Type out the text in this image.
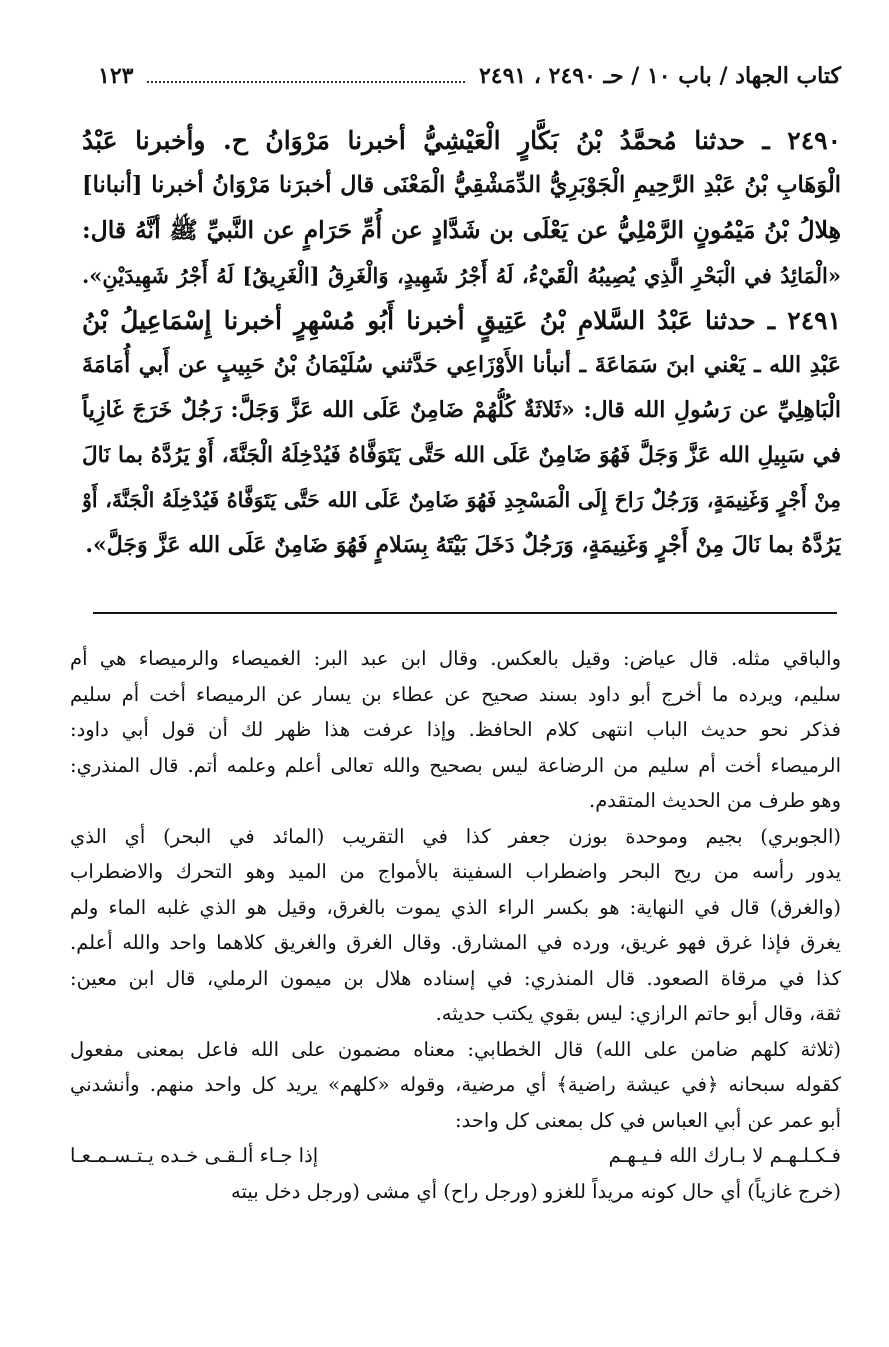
كتاب الجهاد / باب ١٠ / حـ ٢٤٩٠ ، ٢٤٩١
١٢٣
٢٤٩٠ ـ حدثنا مُحمَّدُ بْنُ بَكَّارٍ الْعَيْشِيُّ أخبرنا مَرْوَانُ ح. وأخبرنا عَبْدُ
الْوَهَابِ بْنُ عَبْدِ الرَّحِيمِ الْجَوْبَرِيُّ الدِّمَشْقِيُّ الْمَعْنَى قال أخبرَنا مَرْوَانُ أخبرنا [أنبانا]
هِلالُ بْنُ مَيْمُونٍ الرَّمْلِيُّ عن يَعْلَى بن شَدَّادٍ عن أُمِّ حَرَامٍ عن النَّبيِّ ﷺ أنَّهُ قال:
«الْمَائِدُ في الْبَحْرِ الَّذِي يُصِيبُهُ الْقَيْءُ، لَهُ أَجْرُ شَهِيدٍ، وَالْغَرِقُ [الْغَرِيقُ] لَهُ أَجْرُ شَهِيدَيْنِ».
٢٤٩١ ـ حدثنا عَبْدُ السَّلامِ بْنُ عَتِيقٍ أخبرنا أَبُو مُسْهِرٍ أخبرنا إِسْمَاعِيلُ بْنُ
عَبْدِ الله ـ يَعْني ابنَ سَمَاعَةَ ـ أنبأنا الأَوْزَاعِي حَدَّثني سُلَيْمَانُ بْنُ حَبِيبٍ عن أَبي أُمَامَةَ
الْبَاهِلِيِّ عن رَسُولِ الله قال: «ثَلاثَةٌ كُلُّهُمْ ضَامِنٌ عَلَى الله عَزَّ وَجَلَّ: رَجُلٌ خَرَجَ غَازِياً
في سَبِيلِ الله عَزَّ وَجَلَّ فَهُوَ ضَامِنٌ عَلَى الله حَتَّى يَتَوَفَّاهُ فَيُدْخِلَهُ الْجَنَّةَ، أَوْ يَرُدَّهُ بما نَالَ
مِنْ أَجْرٍ وَغَنِيمَةٍ، وَرَجُلٌ رَاحَ إِلَى الْمَسْجِدِ فَهُوَ ضَامِنٌ عَلَى الله حَتَّى يَتَوَفَّاهُ فَيُدْخِلَهُ الْجَنَّةَ، أَوْ
يَرُدَّهُ بما نَالَ مِنْ أَجْرٍ وَغَنِيمَةٍ، وَرَجُلٌ دَخَلَ بَيْتَهُ بِسَلامٍ فَهُوَ ضَامِنٌ عَلَى الله عَزَّ وَجَلَّ».
والباقي مثله. قال عياض: وقيل بالعكس. وقال ابن عبد البر: الغميصاء والرميصاء هي أم
سليم، ويرده ما أخرج أبو داود بسند صحيح عن عطاء بن يسار عن الرميصاء أخت أم سليم
فذكر نحو حديث الباب انتهى كلام الحافظ. وإذا عرفت هذا ظهر لك أن قول أبي داود:
الرميصاء أخت أم سليم من الرضاعة ليس بصحيح والله تعالى أعلم وعلمه أتم. قال المنذري:
وهو طرف من الحديث المتقدم.
(الجوبري) بجيم وموحدة بوزن جعفر كذا في التقريب (المائد في البحر) أي الذي
يدور رأسه من ريح البحر واضطراب السفينة بالأمواج من الميد وهو التحرك والاضطراب
(والغرق) قال في النهاية: هو بكسر الراء الذي يموت بالغرق، وقيل هو الذي غلبه الماء ولم
يغرق فإذا غرق فهو غريق، ورده في المشارق. وقال الغرق والغريق كلاهما واحد والله أعلم.
كذا في مرقاة الصعود. قال المنذري: في إسناده هلال بن ميمون الرملي، قال ابن معين:
ثقة، وقال أبو حاتم الرازي: ليس بقوي يكتب حديثه.
(ثلاثة كلهم ضامن على الله) قال الخطابي: معناه مضمون على الله فاعل بمعنى مفعول
كقوله سبحانه ﴿في عيشة راضية﴾ أي مرضية، وقوله «كلهم» يريد كل واحد منهم. وأنشدني
أبو عمر عن أبي العباس في كل بمعنى كل واحد:
فـكـلـهـم لا بـارك الله فـيـهـم
إذا جـاء ألـقـى خـده يـتـسـمـعـا
(خرج غازياً) أي حال كونه مريداً للغزو (ورجل راح) أي مشى (ورجل دخل بيته
